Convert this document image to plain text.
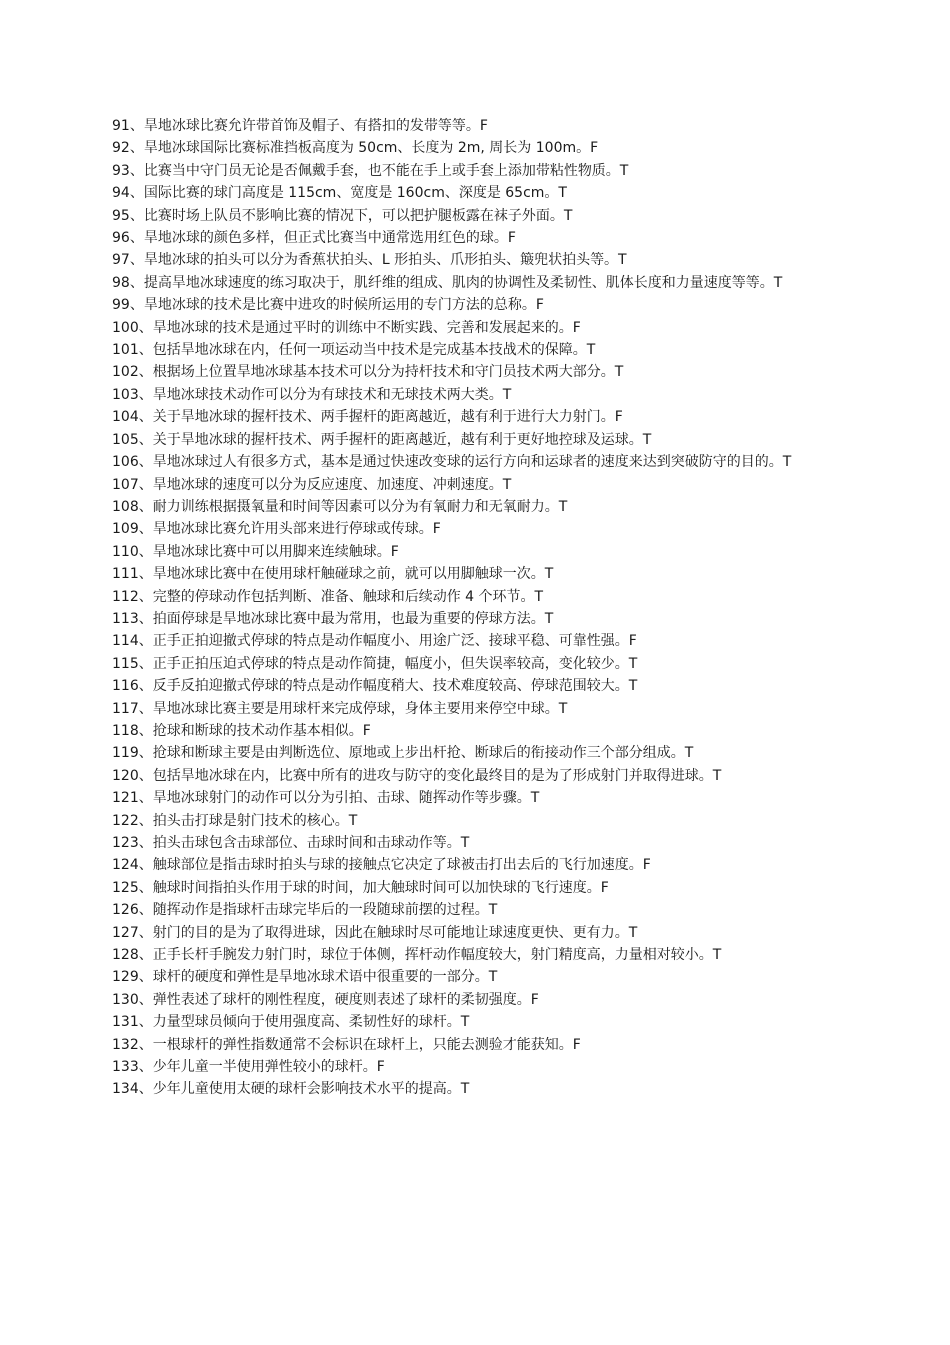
91、旱地冰球比赛允许带首饰及帽子、有搭扣的发带等等。F

92、旱地冰球国际比赛标准挡板高度为 50cm、长度为 2m, 周长为 100m。F

93、比赛当中守门员无论是否佩戴手套，也不能在手上或手套上添加带粘性物质。T

94、国际比赛的球门高度是 115cm、宽度是 160cm、深度是 65cm。T

95、比赛时场上队员不影响比赛的情况下，可以把护腿板露在袜子外面。T

96、旱地冰球的颜色多样，但正式比赛当中通常选用红色的球。F

97、旱地冰球的拍头可以分为香蕉状拍头、L 形拍头、爪形拍头、簸兜状拍头等。T

98、提高旱地冰球速度的练习取决于，肌纤维的组成、肌肉的协调性及柔韧性、肌体长度和力量速度等等。T

99、旱地冰球的技术是比赛中进攻的时候所运用的专门方法的总称。F

100、旱地冰球的技术是通过平时的训练中不断实践、完善和发展起来的。F

101、包括旱地冰球在内，任何一项运动当中技术是完成基本技战术的保障。T

102、根据场上位置旱地冰球基本技术可以分为持杆技术和守门员技术两大部分。T

103、旱地冰球技术动作可以分为有球技术和无球技术两大类。T

104、关于旱地冰球的握杆技术、两手握杆的距离越近，越有利于进行大力射门。F

105、关于旱地冰球的握杆技术、两手握杆的距离越近，越有利于更好地控球及运球。T

106、旱地冰球过人有很多方式，基本是通过快速改变球的运行方向和运球者的速度来达到突破防守的目的。T

107、旱地冰球的速度可以分为反应速度、加速度、冲刺速度。T

108、耐力训练根据摄氧量和时间等因素可以分为有氧耐力和无氧耐力。T

109、旱地冰球比赛允许用头部来进行停球或传球。F

110、旱地冰球比赛中可以用脚来连续触球。F

111、旱地冰球比赛中在使用球杆触碰球之前，就可以用脚触球一次。T

112、完整的停球动作包括判断、准备、触球和后续动作 4 个环节。T

113、拍面停球是旱地冰球比赛中最为常用，也最为重要的停球方法。T

114、正手正拍迎撤式停球的特点是动作幅度小、用途广泛、接球平稳、可靠性强。F

115、正手正拍压迫式停球的特点是动作简捷，幅度小，但失误率较高，变化较少。T

116、反手反拍迎撤式停球的特点是动作幅度稍大、技术难度较高、停球范围较大。T

117、旱地冰球比赛主要是用球杆来完成停球，身体主要用来停空中球。T

118、抢球和断球的技术动作基本相似。F

119、抢球和断球主要是由判断选位、原地或上步出杆抢、断球后的衔接动作三个部分组成。T

120、包括旱地冰球在内，比赛中所有的进攻与防守的变化最终目的是为了形成射门并取得进球。T

121、旱地冰球射门的动作可以分为引拍、击球、随挥动作等步骤。T

122、拍头击打球是射门技术的核心。T

123、拍头击球包含击球部位、击球时间和击球动作等。T

124、触球部位是指击球时拍头与球的接触点它决定了球被击打出去后的飞行加速度。F

125、触球时间指拍头作用于球的时间，加大触球时间可以加快球的飞行速度。F

126、随挥动作是指球杆击球完毕后的一段随球前摆的过程。T

127、射门的目的是为了取得进球，因此在触球时尽可能地让球速度更快、更有力。T

128、正手长杆手腕发力射门时，球位于体侧，挥杆动作幅度较大，射门精度高，力量相对较小。T

129、球杆的硬度和弹性是旱地冰球术语中很重要的一部分。T

130、弹性表述了球杆的刚性程度，硬度则表述了球杆的柔韧强度。F

131、力量型球员倾向于使用强度高、柔韧性好的球杆。T

132、一根球杆的弹性指数通常不会标识在球杆上，只能去测验才能获知。F

133、少年儿童一半使用弹性较小的球杆。F

134、少年儿童使用太硬的球杆会影响技术水平的提高。T
